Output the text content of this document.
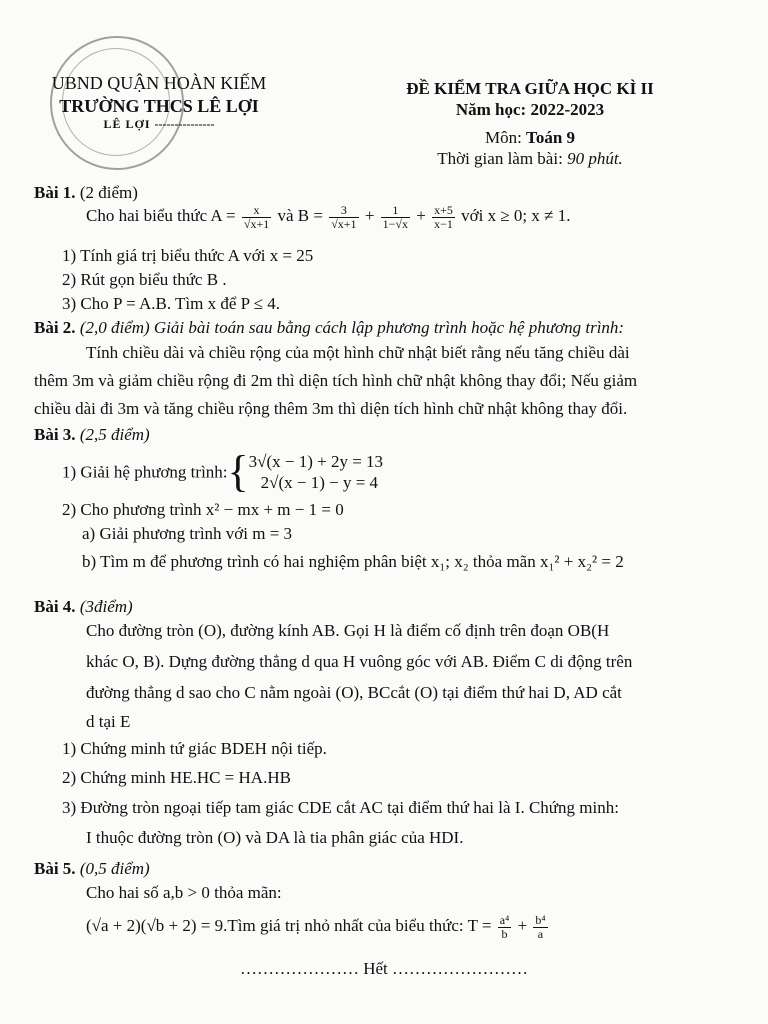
UBND QUẬN HOÀN KIẾM
TRƯỜNG THCS LÊ LỢI
LÊ LỢI ---------------
ĐỀ KIỂM TRA GIỮA HỌC KÌ II
Năm học: 2022-2023
Môn: Toán 9
Thời gian làm bài: 90 phút.
Bài 1. (2 điểm)
Cho hai biểu thức $A = \frac{x}{√x+1}$ và $B = \frac{3}{√x+1} + \frac{1}{1-√x} + \frac{x+5}{x-1}$ với x ≥ 0; x ≠ 1.
1) Tính giá trị biểu thức A với x = 25
2) Rút gọn biểu thức B .
3) Cho P = A.B. Tìm x để P ≤ 4.
Bài 2. (2,0 điểm) Giải bài toán sau bằng cách lập phương trình hoặc hệ phương trình:
Tính chiều dài và chiều rộng của một hình chữ nhật biết rằng nếu tăng chiều dài
thêm 3m và giảm chiều rộng đi 2m thì diện tích hình chữ nhật không thay đổi; Nếu giảm
chiều dài đi 3m và tăng chiều rộng thêm 3m thì diện tích hình chữ nhật không thay đổi.
Bài 3. (2,5 điểm)
1) Giải hệ phương trình:{ 3√(x − 1) + 2y = 13
2√(x − 1) − y = 4
2) Cho phương trình x² − mx + m − 1 = 0
a) Giải phương trình với m = 3
b) Tìm m để phương trình có hai nghiệm phân biệt x₁; x₂ thỏa mãn x₁² + x₂² = 2
Bài 4. (3điểm)
Cho đường tròn (O), đường kính AB. Gọi H là điểm cố định trên đoạn OB(H
khác O, B). Dựng đường thẳng d qua H vuông góc với AB. Điểm C di động trên
đường thẳng d sao cho C nằm ngoài (O), BCcắt (O) tại điểm thứ hai D, AD cắt
d tại E
1) Chứng minh tứ giác BDEH nội tiếp.
2) Chứng minh HE.HC = HA.HB
3) Đường tròn ngoại tiếp tam giác CDE cắt AC tại điểm thứ hai là I. Chứng minh:
I thuộc đường tròn (O) và DA là tia phân giác của HDI.
Bài 5. (0,5 điểm)
Cho hai số a,b > 0 thỏa mãn:
(√a + 2)(√b + 2) = 9.Tìm giá trị nhỏ nhất của biểu thức: $T = \frac{\text{a⁴}}{b} + \frac{\text{b⁴}}{a}$
………………… Hết ……………………
